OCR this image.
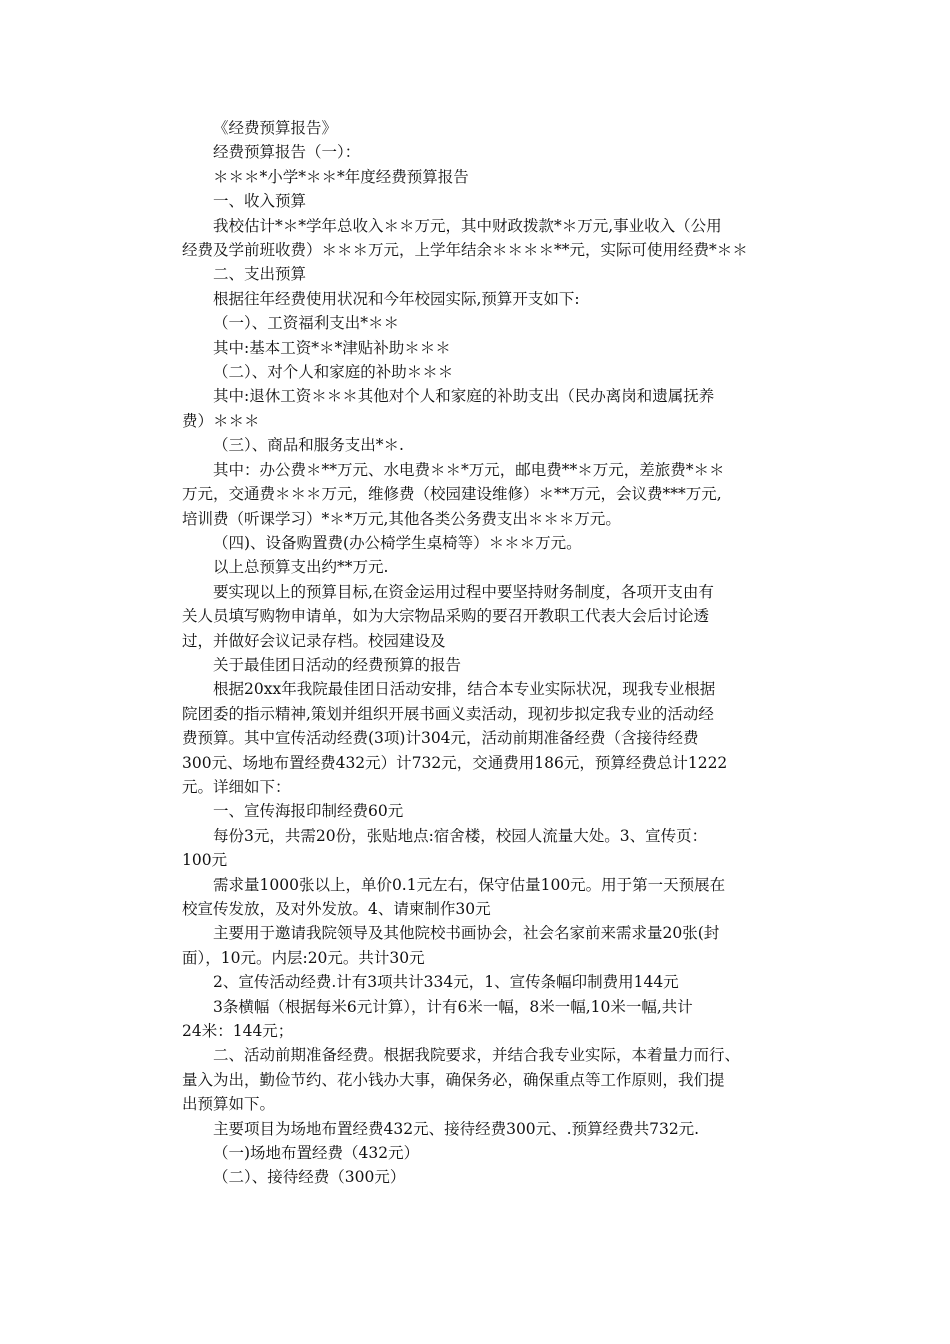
《经费预算报告》

经费预算报告（一）：

＊＊＊*小学*＊＊*年度经费预算报告

一、收入预算

我校估计*＊*学年总收入＊＊万元，其中财政拨款*＊万元,事业收入（公用
经费及学前班收费）＊＊＊万元，上学年结余＊＊＊＊**元，实际可使用经费*＊＊

二、支出预算

根据往年经费使用状况和今年校园实际,预算开支如下:

（一）、工资福利支出*＊＊

其中:基本工资*＊*津贴补助＊＊＊

（二）、对个人和家庭的补助＊＊＊

其中:退休工资＊＊＊其他对个人和家庭的补助支出（民办离岗和遗属抚养
费）＊＊＊

（三）、商品和服务支出*＊.

其中：办公费＊**万元、水电费＊＊*万元，邮电费**＊万元，差旅费*＊＊
万元，交通费＊＊＊万元，维修费（校园建设维修）＊**万元，会议费***万元,
培训费（听课学习）*＊*万元,其他各类公务费支出＊＊＊万元。

（四)、设备购置费(办公椅学生桌椅等）＊＊＊万元。

以上总预算支出约**万元.

要实现以上的预算目标,在资金运用过程中要坚持财务制度，各项开支由有
关人员填写购物申请单，如为大宗物品采购的要召开教职工代表大会后讨论透
过，并做好会议记录存档。校园建设及

关于最佳团日活动的经费预算的报告

根据20xx年我院最佳团日活动安排，结合本专业实际状况，现我专业根据
院团委的指示精神,策划并组织开展书画义卖活动，现初步拟定我专业的活动经
费预算。其中宣传活动经费(3项)计304元，活动前期准备经费（含接待经费
300元、场地布置经费432元）计732元，交通费用186元，预算经费总计1222
元。详细如下：

一、宣传海报印制经费60元

每份3元，共需20份，张贴地点:宿舍楼，校园人流量大处。3、宣传页：
100元

需求量1000张以上，单价0.1元左右，保守估量100元。用于第一天预展在
校宣传发放，及对外发放。4、请柬制作30元

主要用于邀请我院领导及其他院校书画协会，社会名家前来需求量20张(封
面），10元。内层:20元。共计30元

2、宣传活动经费.计有3项共计334元，1、宣传条幅印制费用144元

3条横幅（根据每米6元计算），计有6米一幅，8米一幅,10米一幅,共计
24米：144元；

二、活动前期准备经费。根据我院要求，并结合我专业实际，本着量力而行、
量入为出，勤俭节约、花小钱办大事，确保务必，确保重点等工作原则，我们提
出预算如下。

主要项目为场地布置经费432元、接待经费300元、.预算经费共732元.

（一)场地布置经费（432元）

（二）、接待经费（300元）
